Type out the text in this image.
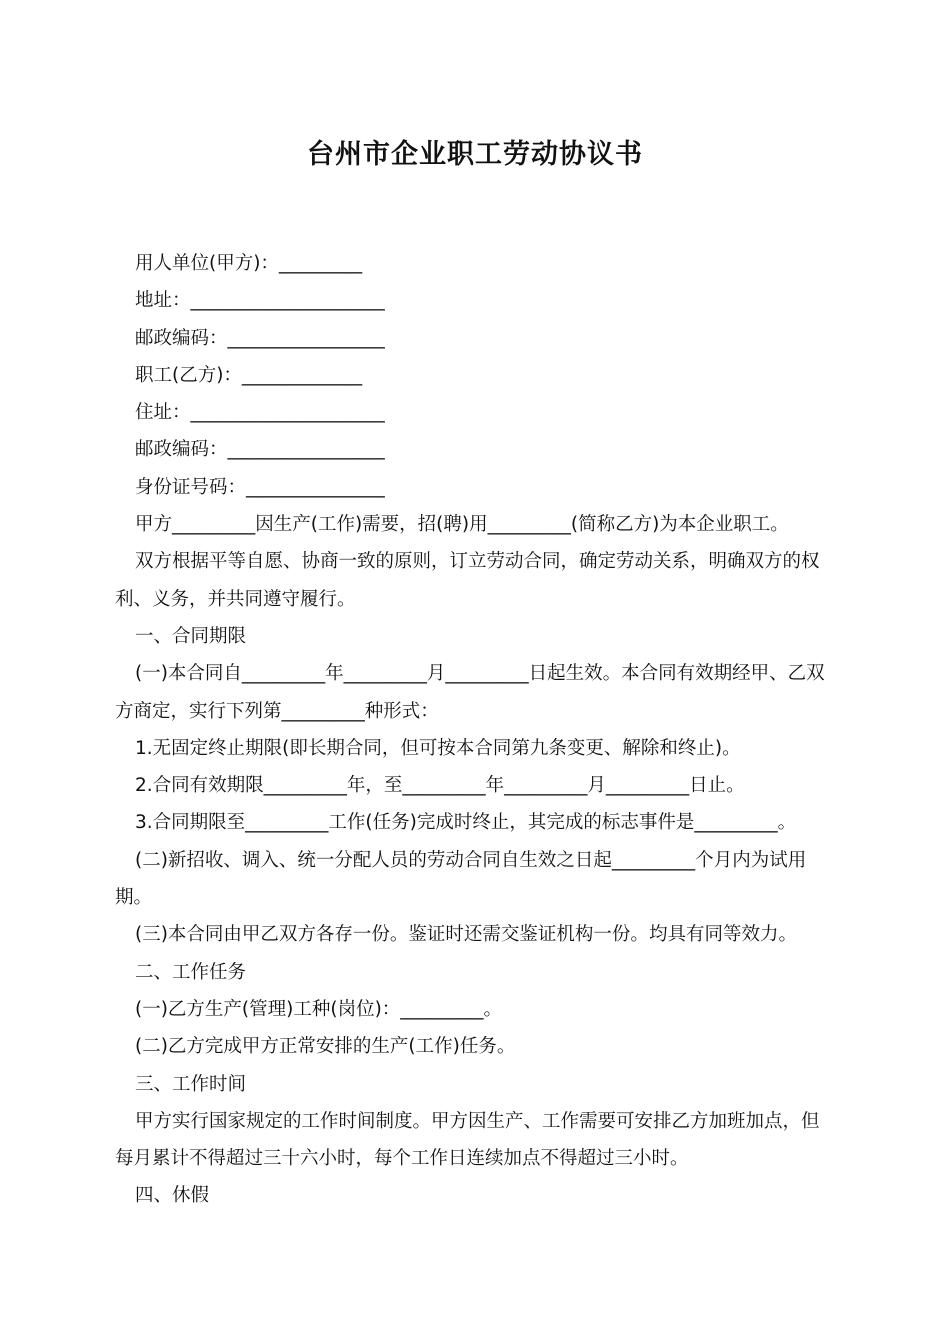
台州市企业职工劳动协议书

用人单位(甲方)：_________

地址：_____________________

邮政编码：_________________

职工(乙方)：_____________

住址：_____________________

邮政编码：_________________

身份证号码：_______________

甲方_________因生产(工作)需要，招(聘)用_________(简称乙方)为本企业职工。

双方根据平等自愿、协商一致的原则，订立劳动合同，确定劳动关系，明确双方的权利、义务，并共同遵守履行。

一、合同期限

(一)本合同自_________年_________月_________日起生效。本合同有效期经甲、乙双方商定，实行下列第_________种形式：

1.无固定终止期限(即长期合同，但可按本合同第九条变更、解除和终止)。

2.合同有效期限_________年，至_________年_________月_________日止。

3.合同期限至_________工作(任务)完成时终止，其完成的标志事件是_________。

(二)新招收、调入、统一分配人员的劳动合同自生效之日起_________个月内为试用期。

(三)本合同由甲乙双方各存一份。鉴证时还需交鉴证机构一份。均具有同等效力。

二、工作任务

(一)乙方生产(管理)工种(岗位)：_________。

(二)乙方完成甲方正常安排的生产(工作)任务。

三、工作时间

甲方实行国家规定的工作时间制度。甲方因生产、工作需要可安排乙方加班加点，但每月累计不得超过三十六小时，每个工作日连续加点不得超过三小时。

四、休假
